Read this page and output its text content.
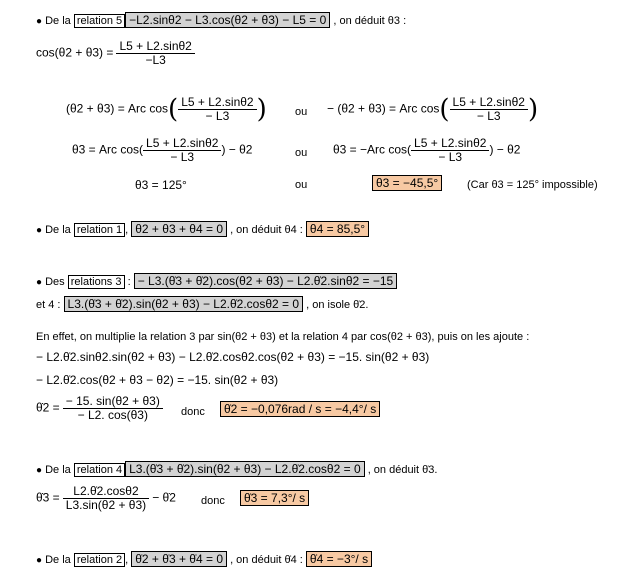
● De la relation 5 −L2.sinθ2 − L3.cos(θ2 + θ3) − L5 = 0 , on déduit θ3 :
$\cos(\theta 2 + \theta 3) = \frac{L5 + L2.\sin\theta 2}{-L3}$
(θ2 + θ3) = Arc $\cos( \frac{L5 + L2.\sin\theta 2}{- L3}$ )	ou − (θ2 + θ3) = Arc $\cos( \frac{L5 + L2.\sin\theta 2}{- L3}$ )
θ3 = Arc $\cos( \frac{L5 + L2.\sin\theta 2}{- L3}$ ) − θ2	ou θ3 = −Arc $\cos( \frac{L5 + L2.\sin\theta 2}{- L3}$ ) − θ2
θ3 = 125°	ou	θ3 = −45,5°	(Car θ3 = 125° impossible)
● De la relation 1 , θ2 + θ3 + θ4 = 0 , on déduit θ4 : θ4 = 85,5°
● Des relations 3 : − L3.(θ̇3 + θ̇2).cos(θ2 + θ3) − L2.θ̇2.sinθ2 = −15
et 4 : L3.(θ̇3 + θ̇2).sin(θ2 + θ3) − L2.θ̇2.cosθ2 = 0 , on isole θ̇2.
En effet, on multiplie la relation 3 par sin(θ2 + θ3) et la relation 4 par cos(θ2 + θ3), puis on les ajoute :
− L2.θ̇2.sinθ2.sin(θ2 + θ3) − L2.θ̇2.cosθ2.cos(θ2 + θ3) = −15. sin(θ2 + θ3)
− L2.θ̇2.cos(θ2 + θ3 − θ2) = −15. sin(θ2 + θ3)
θ̇2 = $\frac{- 15. \sin(\theta 2 + \theta 3)}{- L2. \cos(\theta 3)}$ donc	θ̇2 = −0,076rad / s = −4,4°/ s
● De la relation 4 L3.(θ̇3 + θ̇2).sin(θ2 + θ3) − L2.θ̇2.cosθ2 = 0 , on déduit θ̇3.
θ̇3 = $\frac{L2.\thetȧ2.\cos\theta 2}{L3.\sin(\theta 2 + \theta 3)}$ − θ̇2 donc	θ̇3 = 7,3°/ s
● De la relation 2 , θ̇2 + θ̇3 + θ̇4 = 0 , on déduit θ̇4 : θ̇4 = −3°/ s
